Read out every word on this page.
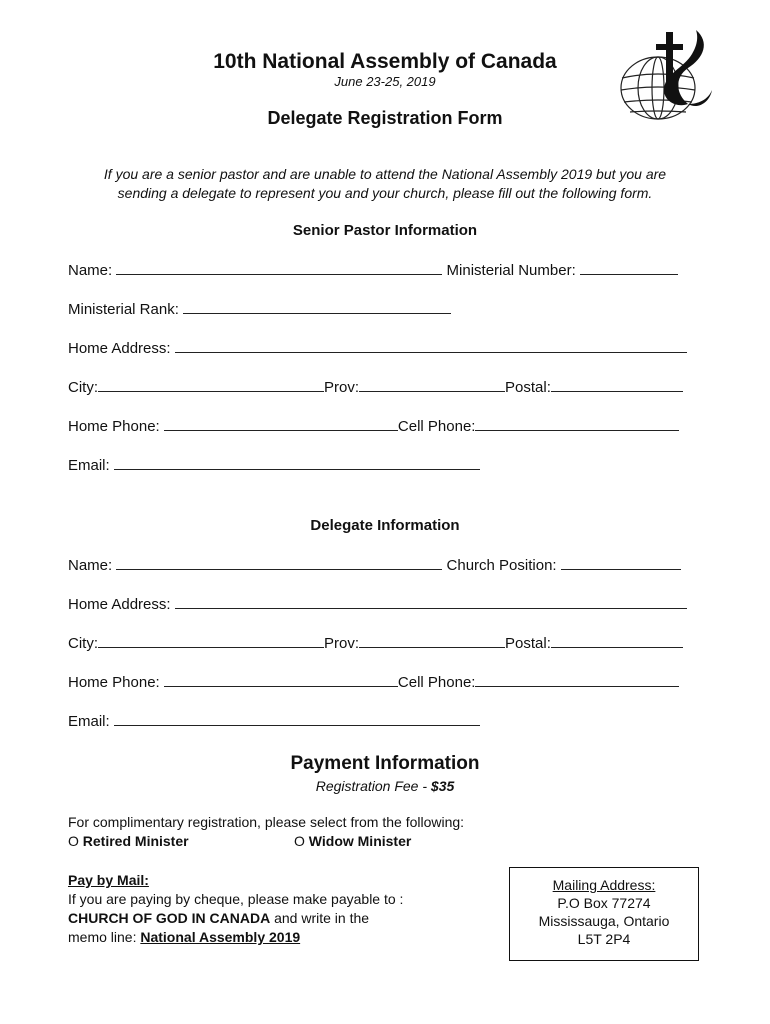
10th National Assembly of Canada
June 23-25, 2019
Delegate Registration Form
If you are a senior pastor and are unable to attend the National Assembly 2019 but you are
sending a delegate to represent you and your church, please fill out the following form.
Senior Pastor Information
Name:	Ministerial Number:
Ministerial Rank:
Home Address:
City:	Prov:	Postal:
Home Phone:	Cell Phone:
Email:
Delegate Information
Name:	Church Position:
Home Address:
City:	Prov:	Postal:
Home Phone:	Cell Phone:
Email:
Payment Information
Registration Fee - $35
For complimentary registration, please select from the following:
O Retired Minister	O Widow Minister
Pay by Mail:
If you are paying by cheque, please make payable to :
CHURCH OF GOD IN CANADA and write in the
memo line: National Assembly 2019
Mailing Address:
P.O Box 77274
Mississauga, Ontario
L5T 2P4
